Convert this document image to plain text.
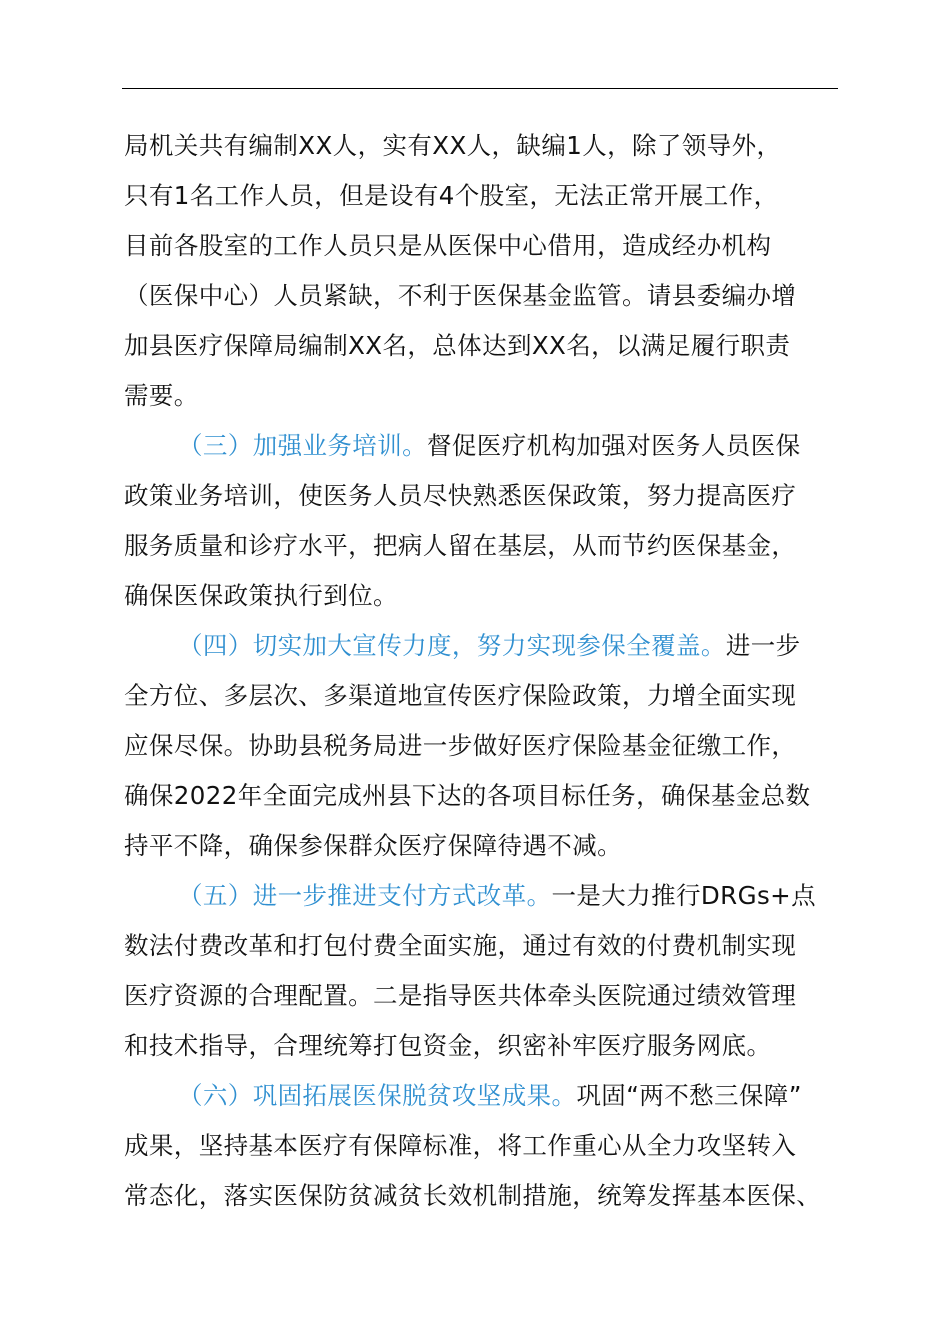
局机关共有编制XX人，实有XX人，缺编1人，除了领导外，
只有1名工作人员，但是设有4个股室，无法正常开展工作，
目前各股室的工作人员只是从医保中心借用，造成经办机构
（医保中心）人员紧缺，不利于医保基金监管。请县委编办增
加县医疗保障局编制XX名，总体达到XX名，以满足履行职责
需要。
（三）加强业务培训。督促医疗机构加强对医务人员医保
政策业务培训，使医务人员尽快熟悉医保政策，努力提高医疗
服务质量和诊疗水平，把病人留在基层，从而节约医保基金，
确保医保政策执行到位。
（四）切实加大宣传力度，努力实现参保全覆盖。进一步
全方位、多层次、多渠道地宣传医疗保险政策，力增全面实现
应保尽保。协助县税务局进一步做好医疗保险基金征缴工作，
确保2022年全面完成州县下达的各项目标任务，确保基金总数
持平不降，确保参保群众医疗保障待遇不减。
（五）进一步推进支付方式改革。一是大力推行DRGs+点
数法付费改革和打包付费全面实施，通过有效的付费机制实现
医疗资源的合理配置。二是指导医共体牵头医院通过绩效管理
和技术指导，合理统筹打包资金，织密补牢医疗服务网底。
（六）巩固拓展医保脱贫攻坚成果。巩固“两不愁三保障”
成果，坚持基本医疗有保障标准，将工作重心从全力攻坚转入
常态化，落实医保防贫减贫长效机制措施，统筹发挥基本医保、
